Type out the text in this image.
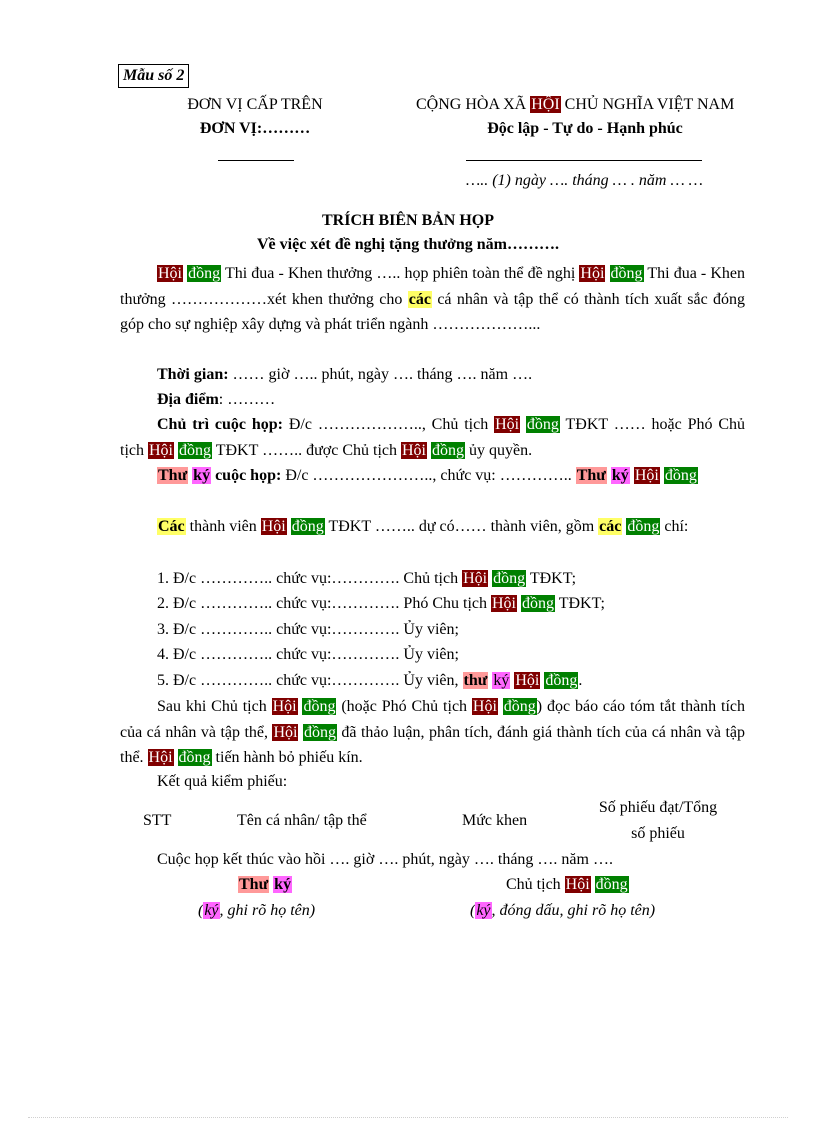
Mẫu số 2
ĐƠN VỊ CẤP TRÊN
ĐƠN VỊ:………
CỘNG HÒA XÃ HỘI CHỦ NGHĨA VIỆT NAM
Độc lập - Tự do - Hạnh phúc
….. (1) ngày …. tháng … . năm … …
TRÍCH BIÊN BẢN HỌP
Về việc xét đề nghị tặng thưởng năm……….
Hội đồng Thi đua - Khen thưởng ….. họp phiên toàn thể đề nghị Hội đồng Thi đua - Khen thưởng ………………xét khen thưởng cho các cá nhân và tập thể có thành tích xuất sắc đóng góp cho sự nghiệp xây dựng và phát triển ngành ………………...
Thời gian: …… giờ ….. phút, ngày …. tháng …. năm ….
Địa điểm: ………
Chủ trì cuộc họp: Đ/c ……………….., Chủ tịch Hội đồng TĐKT …… hoặc Phó Chủ tịch Hội đồng TĐKT …….. được Chủ tịch Hội đồng ủy quyền.
Thư ký cuộc họp: Đ/c ………………….., chức vụ: ………….. Thư ký Hội đồng
Các thành viên Hội đồng TĐKT …….. dự có…… thành viên, gồm các đồng chí:
1. Đ/c ………….. chức vụ:…………. Chủ tịch Hội đồng TĐKT;
2. Đ/c ………….. chức vụ:…………. Phó Chu tịch Hội đồng TĐKT;
3. Đ/c ………….. chức vụ:…………. Ủy viên;
4. Đ/c ………….. chức vụ:…………. Ủy viên;
5. Đ/c ………….. chức vụ:…………. Ủy viên, thư ký Hội đồng.
Sau khi Chủ tịch Hội đồng (hoặc Phó Chủ tịch Hội đồng) đọc báo cáo tóm tắt thành tích của cá nhân và tập thể, Hội đồng đã thảo luận, phân tích, đánh giá thành tích của cá nhân và tập thể. Hội đồng tiến hành bỏ phiếu kín.
Kết quả kiểm phiếu:
STT	Tên cá nhân/ tập thể	Mức khen
Số phiếu đạt/Tổng
số phiếu
Cuộc họp kết thúc vào hồi …. giờ …. phút, ngày …. tháng …. năm ….
Thư ký
(ký, ghi rõ họ tên)
Chủ tịch Hội đồng
(ký, đóng dấu, ghi rõ họ tên)
